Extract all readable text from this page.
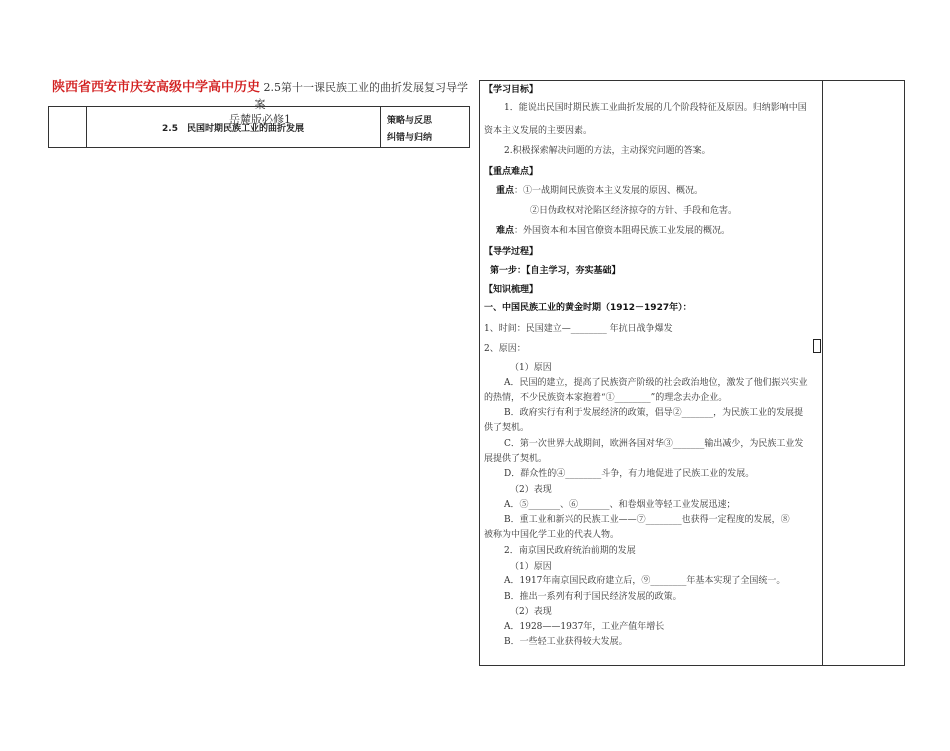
陕西省西安市庆安高级中学高中历史 2.5第十一课民族工业的曲折发展复习导学案
岳麓版必修1
2.5　民国时期民族工业的曲折发展
策略与反思
纠错与归纳
【学习目标】
1．能说出民国时期民族工业曲折发展的几个阶段特征及原因。归纳影响中国
资本主义发展的主要因素。
2.积极探索解决问题的方法，主动探究问题的答案。
【重点难点】
重点：①一战期间民族资本主义发展的原因、概况。
②日伪政权对沦陷区经济掠夺的方针、手段和危害。
难点：外国资本和本国官僚资本阻碍民族工业发展的概况。
【导学过程】
第一步：【自主学习，夯实基础】
【知识梳理】
一、中国民族工业的黄金时期（1912－1927年）：
1、时间：民国建立—________ 年抗日战争爆发
2、原因：
（1）原因
A．民国的建立，提高了民族资产阶级的社会政治地位，激发了他们振兴实业
的热情，不少民族资本家抱着“①________”的理念去办企业。
B．政府实行有利于发展经济的政策，倡导②_______，为民族工业的发展提
供了契机。
C．第一次世界大战期间，欧洲各国对华③_______输出减少，为民族工业发
展提供了契机。
D．群众性的④________斗争，有力地促进了民族工业的发展。
（2）表现
A．⑤_______、⑥_______、和卷烟业等轻工业发展迅速；
B．重工业和新兴的民族工业——⑦________也获得一定程度的发展，⑧
被称为中国化学工业的代表人物。
2．南京国民政府统治前期的发展
（1）原因
A．1917年南京国民政府建立后，⑨________年基本实现了全国统一。
B．推出一系列有利于国民经济发展的政策。
（2）表现
A．1928——1937年，工业产值年增长
B．一些轻工业获得较大发展。
